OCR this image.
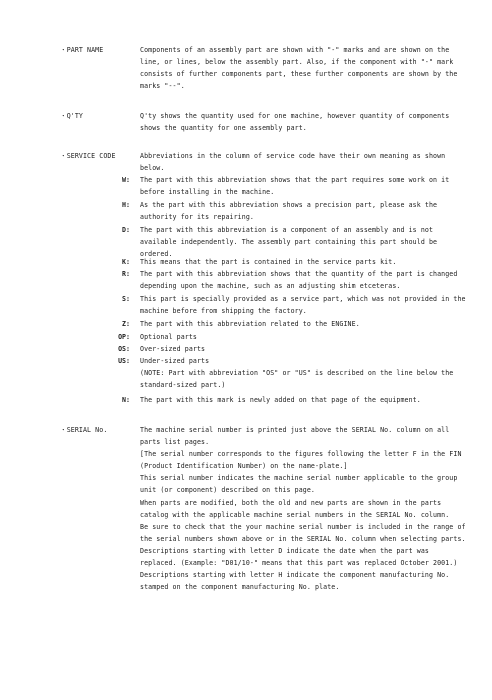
・PART NAME	Components of an assembly part are shown with "-" marks and are shown on the line, or lines, below the assembly part. Also, if the component with "-" mark consists of further components part, these further components are shown by the marks "--".
・Q'TY	Q'ty shows the quantity used for one machine, however quantity of components shows the quantity for one assembly part.
・SERVICE CODE	Abbreviations in the column of service code have their own meaning as shown below.
W: The part with this abbreviation shows that the part requires some work on it before installing in the machine.
H: As the part with this abbreviation shows a precision part, please ask the authority for its repairing.
D: The part with this abbreviation is a component of an assembly and is not available independently. The assembly part containing this part should be ordered.
K: This means that the part is contained in the service parts kit.
R: The part with this abbreviation shows that the quantity of the part is changed depending upon the machine, such as an adjusting shim etceteras.
S: This part is specially provided as a service part, which was not provided in the machine before from shipping the factory.
Z: The part with this abbreviation related to the ENGINE.
OP: Optional parts
OS: Over-sized parts
US: Under-sized parts
(NOTE: Part with abbreviation "OS" or "US" is described on the line below the standard-sized part.)
N: The part with this mark is newly added on that page of the equipment.
・SERIAL No.	The machine serial number is printed just above the SERIAL No. column on all parts list pages.

[The serial number corresponds to the figures following the letter F in the FIN (Product Identification Number) on the name-plate.]

This serial number indicates the machine serial number applicable to the group unit (or component) described on this page.

When parts are modified, both the old and new parts are shown in the parts catalog with the applicable machine serial numbers in the SERIAL No. column.

Be sure to check that the your machine serial number is included in the range of the serial numbers shown above or in the SERIAL No. column when selecting parts.

Descriptions starting with letter D indicate the date when the part was replaced. (Example: "D01/10-" means that this part was replaced October 2001.)

Descriptions starting with letter H indicate the component manufacturing No. stamped on the component manufacturing No. plate.
